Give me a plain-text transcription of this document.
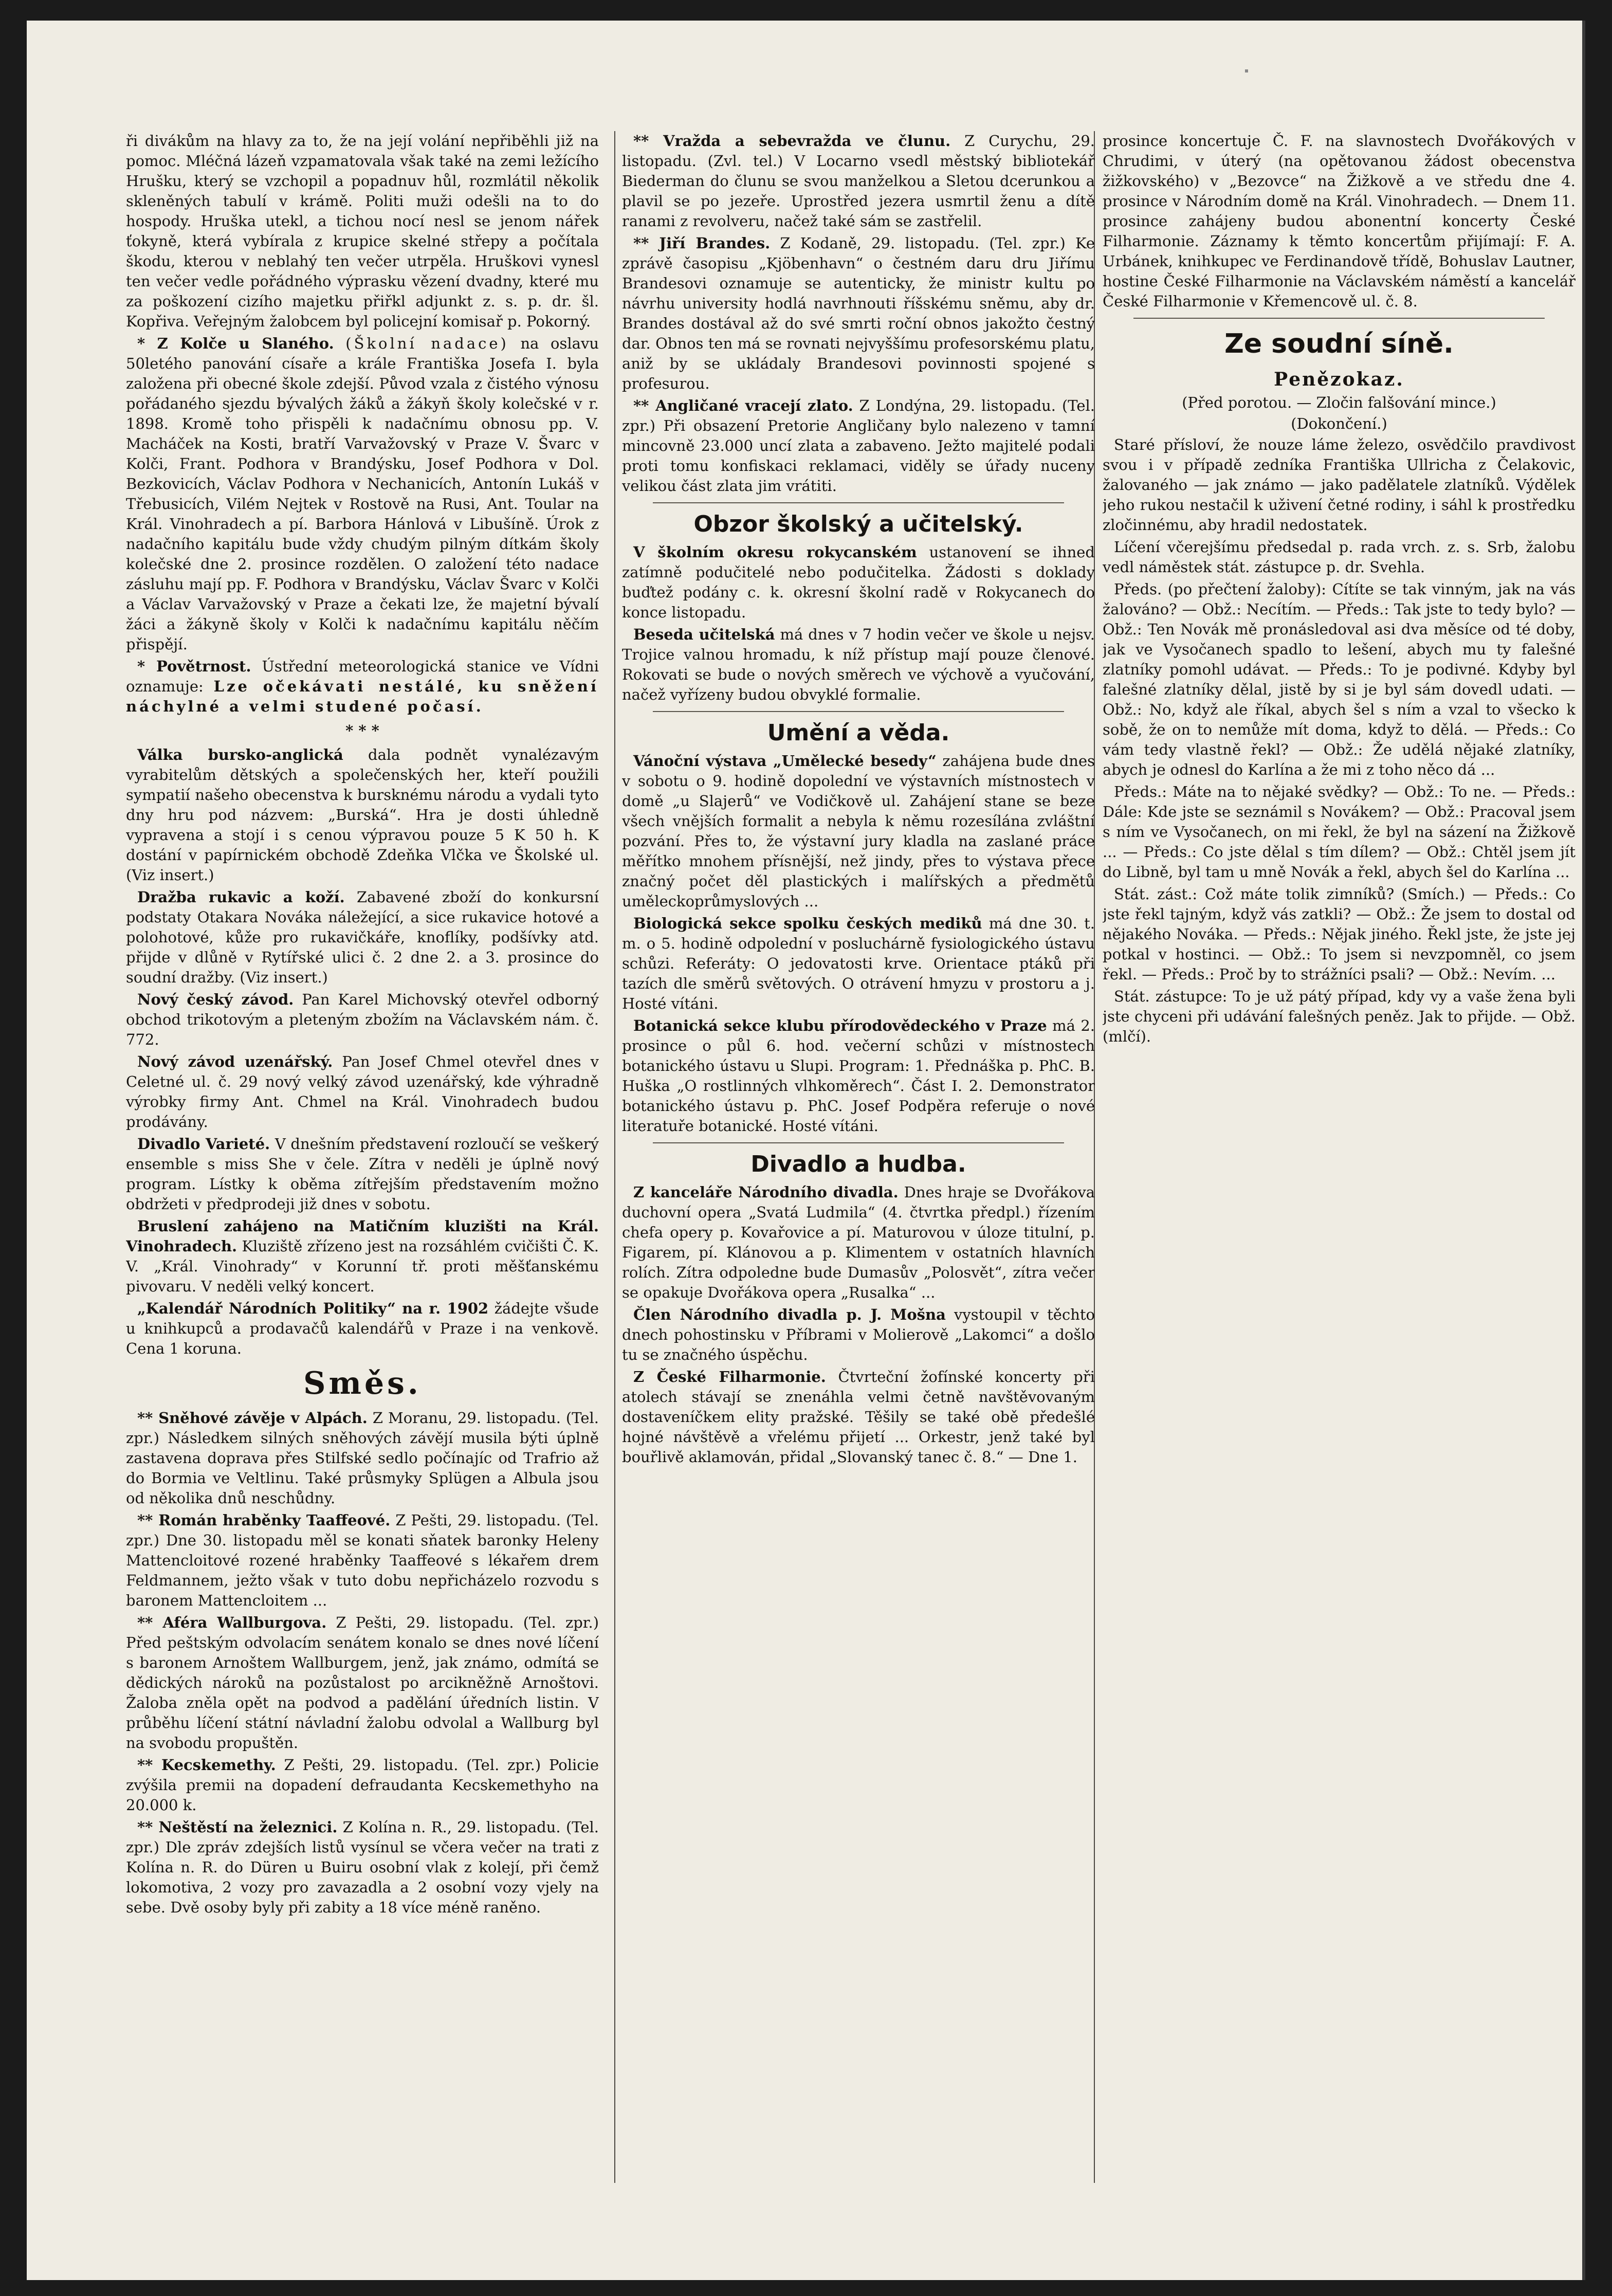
ři divákům na hlavy za to, že na její volání nepřiběhli již na pomoc. Mléčná lázeň vzpamatovala však také na zemi ležícího Hrušku, který se vzchopil a popadnuv hůl, rozmlátil několik skleněných tabulí v krámě. Politi muži odešli na to do hospody. Hruška utekl, a tichou nocí nesl se jenom nářek ťokyně, která vybírala z krupice skelné střepy a počítala škodu, kterou v neblahý ten večer utrpěla. Hruškovi vynesl ten večer vedle pořádného výprasku vězení dvadny, které mu za poškození cizího majetku přiřkl adjunkt z. s. p. dr. šl. Kopřiva. Veřejným žalobcem byl policejní komisař p. Pokorný.

* Z Kolče u Slaného. (Školní nadace) na oslavu 50letého panování císaře a krále Františka Josefa I. byla založena při obecné škole zdejší. Původ vzala z čistého výnosu pořádaného sjezdu bývalých žáků a žákyň školy kolečské v r. 1898. Kromě toho přispěli k nadačnímu obnosu pp. V. Macháček na Kosti, bratří Varvažovský v Praze V. Švarc v Kolči, Frant. Podhora v Brandýsku, Josef Podhora v Dol. Bezkovicích, Václav Podhora v Nechanicích, Antonín Lukáš v Třebusicích, Vilém Nejtek v Rostově na Rusi, Ant. Toular na Král. Vinohradech a pí. Barbora Hánlová v Libušíně. Úrok z nadačního kapitálu bude vždy chudým pilným dítkám školy kolečské dne 2. prosince rozdělen. O založení této nadace zásluhu mají pp. F. Podhora v Brandýsku, Václav Švarc v Kolči a Václav Varvažovský v Praze a čekati lze, že majetní bývalí žáci a žákyně školy v Kolči k nadačnímu kapitálu něčím přispějí.

* Povětrnost. Ústřední meteorologická stanice ve Vídni oznamuje: Lze očekávati nestálé, ku sněžení náchylné a velmi studené počasí.

* * *

Válka bursko-anglická dala podnět vynalézavým vyrabitelům dětských a společenských her, kteří použili sympatií našeho obecenstva k bursknému národu a vydali tyto dny hru pod názvem: „Burská“. Hra je dosti úhledně vypravena a stojí i s cenou výpravou pouze 5 K 50 h. K dostání v papírnickém obchodě Zdeňka Vlčka ve Školské ul. (Viz insert.)

Dražba rukavic a koží. Zabavené zboží do konkursní podstaty Otakara Nováka náležející, a sice rukavice hotové a polohotové, kůže pro rukavičkáře, knoflíky, podšívky atd. přijde v dlůně v Rytířské ulici č. 2 dne 2. a 3. prosince do soudní dražby. (Viz insert.)

Nový český závod. Pan Karel Michovský otevřel odborný obchod trikotovým a pleteným zbožím na Václavském nám. č. 772.

Nový závod uzenářský. Pan Josef Chmel otevřel dnes v Celetné ul. č. 29 nový velký závod uzenářský, kde výhradně výrobky firmy Ant. Chmel na Král. Vinohradech budou prodávány.

Divadlo Varieté. V dnešním představení rozloučí se veškerý ensemble s miss She v čele. Zítra v neděli je úplně nový program. Lístky k oběma zítřejším představením možno obdržeti v předprodeji již dnes v sobotu.

Bruslení zahájeno na Matičním kluzišti na Král. Vinohradech. Kluziště zřízeno jest na rozsáhlém cvičišti Č. K. V. „Král. Vinohrady“ v Korunní tř. proti měšťanskému pivovaru. V neděli velký koncert.

„Kalendář Národních Politiky“ na r. 1902 žádejte všude u knihkupců a prodavačů kalendářů v Praze i na venkově. Cena 1 koruna.

Směs.

** Sněhové závěje v Alpách. Z Moranu, 29. listopadu. (Tel. zpr.) Následkem silných sněhových závějí musila býti úplně zastavena doprava přes Stilfské sedlo počínajíc od Trafrio až do Bormia ve Veltlinu. Také průsmyky Splügen a Albula jsou od několika dnů neschůdny.

** Román hraběnky Taaffeové. Z Pešti, 29. listopadu. (Tel. zpr.) Dne 30. listopadu měl se konati sňatek baronky Heleny Mattencloitové rozené hraběnky Taaffeové s lékařem drem Feldmannem, ježto však v tuto dobu nepřicházelo rozvodu s baronem Mattencloitem ...

** Aféra Wallburgova. Z Pešti, 29. listopadu. (Tel. zpr.) Před peštským odvolacím senátem konalo se dnes nové líčení s baronem Arnoštem Wallburgem, jenž, jak známo, odmítá se dědických nároků na pozůstalost po arcikněžně Arnoštovi. Žaloba zněla opět na podvod a padělání úředních listin. V průběhu líčení státní návladní žalobu odvolal a Wallburg byl na svobodu propuštěn.

** Kecskemethy. Z Pešti, 29. listopadu. (Tel. zpr.) Policie zvýšila premii na dopadení defraudanta Kecskemethyho na 20.000 k.

** Neštěstí na železnici. Z Kolína n. R., 29. listopadu. (Tel. zpr.) Dle zpráv zdejších listů vysínul se včera večer na trati z Kolína n. R. do Düren u Buiru osobní vlak z kolejí, při čemž lokomotiva, 2 vozy pro zavazadla a 2 osobní vozy vjely na sebe. Dvě osoby byly při zabity a 18 více méně raněno.

** Vražda a sebevražda ve člunu. Z Curychu, 29. listopadu. (Zvl. tel.) V Locarno vsedl městský bibliotekář Biederman do člunu se svou manželkou a Sletou dcerunkou a plavil se po jezeře. Uprostřed jezera usmrtil ženu a dítě ranami z revolveru, načež také sám se zastřelil.

** Jiří Brandes. Z Kodaně, 29. listopadu. (Tel. zpr.) Ke zprávě časopisu „Kjöbenhavn“ o čestném daru dru Jiřímu Brandesovi oznamuje se autenticky, že ministr kultu po návrhu university hodlá navrhnouti říšskému sněmu, aby dr. Brandes dostával až do své smrti roční obnos jakožto čestný dar. Obnos ten má se rovnati nejvyššímu profesorskému platu, aniž by se ukládaly Brandesovi povinnosti spojené s profesurou.

** Angličané vracejí zlato. Z Londýna, 29. listopadu. (Tel. zpr.) Při obsazení Pretorie Angličany bylo nalezeno v tamní mincovně 23.000 uncí zlata a zabaveno. Ježto majitelé podali proti tomu konfiskaci reklamaci, viděly se úřady nuceny velikou část zlata jim vrátiti.

Obzor školský a učitelský.

V školním okresu rokycanském ustanovení se ihned zatímně podučitelé nebo podučitelka. Žádosti s doklady buďtež podány c. k. okresní školní radě v Rokycanech do konce listopadu.

Beseda učitelská má dnes v 7 hodin večer ve škole u nejsv. Trojice valnou hromadu, k níž přístup mají pouze členové. Rokovati se bude o nových směrech ve výchově a vyučování, načež vyřízeny budou obvyklé formalie.

Umění a věda.

Vánoční výstava „Umělecké besedy“ zahájena bude dnes v sobotu o 9. hodině dopolední ve výstavních místnostech v domě „u Slajerů“ ve Vodičkově ul. Zahájení stane se beze všech vnějších formalit a nebyla k němu rozesílána zvláštní pozvání. Přes to, že výstavní jury kladla na zaslané práce měřítko mnohem přísnější, než jindy, přes to výstava přece značný počet děl plastických i malířských a předmětů uměleckoprůmyslových ...

Biologická sekce spolku českých mediků má dne 30. t. m. o 5. hodině odpolední v posluchárně fysiologického ústavu schůzi. Referáty: O jedovatosti krve. Orientace ptáků při tazích dle směrů světových. O otrávení hmyzu v prostoru a j. Hosté vítáni.

Botanická sekce klubu přírodovědeckého v Praze má 2. prosince o půl 6. hod. večerní schůzi v místnostech botanického ústavu u Slupi. Program: 1. Přednáška p. PhC. B. Huška „O rostlinných vlhkoměrech“. Část I. 2. Demonstrator botanického ústavu p. PhC. Josef Podpěra referuje o nové literatuře botanické. Hosté vítáni.

Divadlo a hudba.

Z kanceláře Národního divadla. Dnes hraje se Dvořákova duchovní opera „Svatá Ludmila“ (4. čtvrtka předpl.) řízením chefa opery p. Kovařovice a pí. Maturovou v úloze titulní, p. Figarem, pí. Klánovou a p. Klimentem v ostatních hlavních rolích. Zítra odpoledne bude Dumasův „Polosvět“, zítra večer se opakuje Dvořákova opera „Rusalka“ ...

Člen Národního divadla p. J. Mošna vystoupil v těchto dnech pohostinsku v Příbrami v Molierově „Lakomci“ a došlo tu se značného úspěchu.

Z České Filharmonie. Čtvrteční žofínské koncerty při atolech stávají se znenáhla velmi četně navštěvovaným dostaveníčkem elity pražské. Těšily se také obě předešlé hojné návštěvě a vřelému přijetí ... Orkestr, jenž také byl bouřlivě aklamován, přidal „Slovanský tanec č. 8.“ — Dne 1.

prosince koncertuje Č. F. na slavnostech Dvořákových v Chrudimi, v úterý (na opětovanou žádost obecenstva žižkovského) v „Bezovce“ na Žižkově a ve středu dne 4. prosince v Národním domě na Král. Vinohradech. — Dnem 11. prosince zahájeny budou abonentní koncerty České Filharmonie. Záznamy k těmto koncertům přijímají: F. A. Urbánek, knihkupec ve Ferdinandově třídě, Bohuslav Lautner, hostine České Filharmonie na Václavském náměstí a kancelář České Filharmonie v Křemencově ul. č. 8.

Ze soudní síně.
Penězokaz.

(Před porotou. — Zločin falšování mince.)

(Dokončení.)

Staré přísloví, že nouze láme železo, osvědčilo pravdivost svou i v případě zedníka Františka Ullricha z Čelakovic, žalovaného — jak známo — jako padělatele zlatníků. Výdělek jeho rukou nestačil k uživení četné rodiny, i sáhl k prostředku zločinnému, aby hradil nedostatek.

Líčení včerejšímu předsedal p. rada vrch. z. s. Srb, žalobu vedl náměstek stát. zástupce p. dr. Svehla.

Předs. (po přečtení žaloby): Cítíte se tak vinným, jak na vás žalováno? — Obž.: Necítím. — Předs.: Tak jste to tedy bylo? — Obž.: Ten Novák mě pronásledoval asi dva měsíce od té doby, jak ve Vysočanech spadlo to lešení, abych mu ty falešné zlatníky pomohl udávat. — Předs.: To je podivné. Kdyby byl falešné zlatníky dělal, jistě by si je byl sám dovedl udati. — Obž.: No, když ale říkal, abych šel s ním a vzal to všecko k sobě, že on to nemůže mít doma, když to dělá. — Předs.: Co vám tedy vlastně řekl? — Obž.: Že udělá nějaké zlatníky, abych je odnesl do Karlína a že mi z toho něco dá ...

Předs.: Máte na to nějaké svědky? — Obž.: To ne. — Předs.: Dále: Kde jste se seznámil s Novákem? — Obž.: Pracoval jsem s ním ve Vysočanech, on mi řekl, že byl na sázení na Žižkově ... — Předs.: Co jste dělal s tím dílem? — Obž.: Chtěl jsem jít do Libně, byl tam u mně Novák a řekl, abych šel do Karlína ...

Stát. zást.: Což máte tolik zimníků? (Smích.) — Předs.: Co jste řekl tajným, když vás zatkli? — Obž.: Že jsem to dostal od nějakého Nováka. — Předs.: Nějak jiného. Řekl jste, že jste jej potkal v hostinci. — Obž.: To jsem si nevzpomněl, co jsem řekl. — Předs.: Proč by to strážníci psali? — Obž.: Nevím. ...

Stát. zástupce: To je už pátý případ, kdy vy a vaše žena byli jste chyceni při udávání falešných peněz. Jak to přijde. — Obž. (mlčí).
